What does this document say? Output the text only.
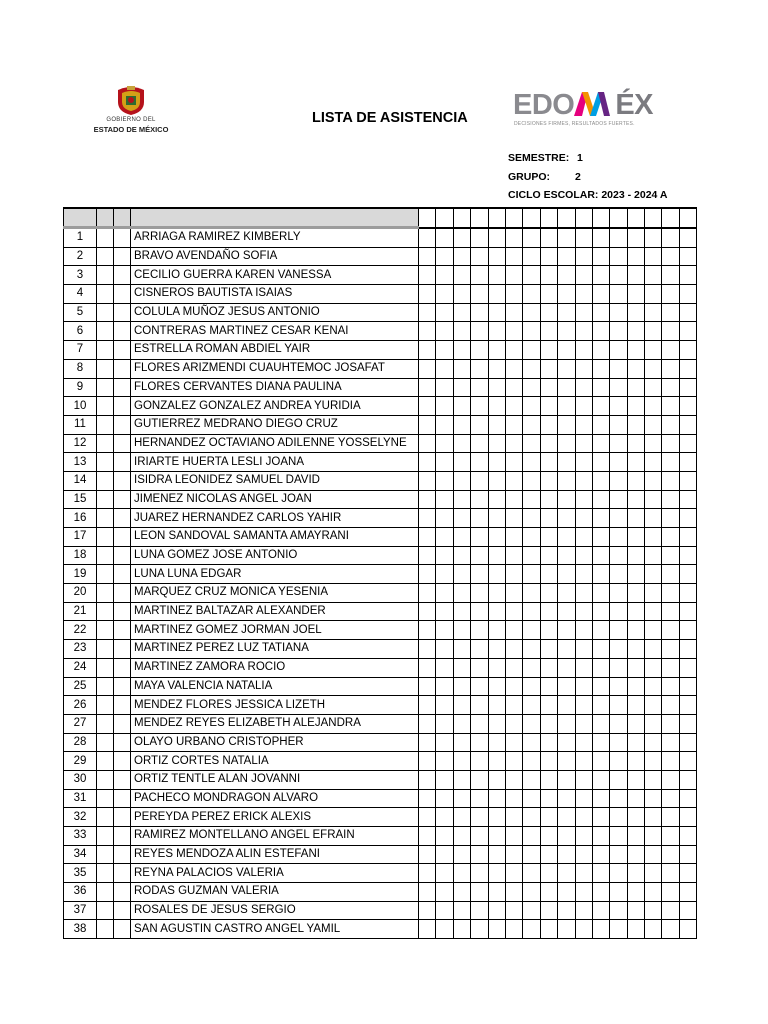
GOBIERNO DEL
ESTADO DE MÉXICO
LISTA DE ASISTENCIA EDO ÉX
DECISIONES FIRMES, RESULTADOS FUERTES.
SEMESTRE: 1
GRUPO: 2
CICLO ESCOLAR: 2023 - 2024 A

1			ARRIAGA RAMIREZ KIMBERLY																
2			BRAVO AVENDAÑO SOFIA																
3			CECILIO GUERRA KAREN VANESSA																
4			CISNEROS BAUTISTA ISAIAS																
5			COLULA MUÑOZ JESUS ANTONIO																
6			CONTRERAS MARTINEZ CESAR KENAI																
7			ESTRELLA ROMAN ABDIEL YAIR																
8			FLORES ARIZMENDI CUAUHTEMOC JOSAFAT																
9			FLORES CERVANTES DIANA PAULINA																
10			GONZALEZ GONZALEZ ANDREA YURIDIA																
11			GUTIERREZ MEDRANO DIEGO CRUZ																
12			HERNANDEZ OCTAVIANO ADILENNE YOSSELYNE																
13			IRIARTE HUERTA LESLI JOANA																
14			ISIDRA LEONIDEZ SAMUEL DAVID																
15			JIMENEZ NICOLAS ANGEL JOAN																
16			JUAREZ HERNANDEZ CARLOS YAHIR																
17			LEON SANDOVAL SAMANTA AMAYRANI																
18			LUNA GOMEZ JOSE ANTONIO																
19			LUNA LUNA EDGAR																
20			MARQUEZ CRUZ MONICA YESENIA																
21			MARTINEZ BALTAZAR ALEXANDER																
22			MARTINEZ GOMEZ JORMAN JOEL																
23			MARTINEZ PEREZ LUZ TATIANA																
24			MARTINEZ ZAMORA ROCIO																
25			MAYA VALENCIA NATALIA																
26			MENDEZ FLORES JESSICA LIZETH																
27			MENDEZ REYES ELIZABETH ALEJANDRA																
28			OLAYO URBANO CRISTOPHER																
29			ORTIZ CORTES NATALIA																
30			ORTIZ TENTLE ALAN JOVANNI																
31			PACHECO MONDRAGON ALVARO																
32			PEREYDA PEREZ ERICK ALEXIS																
33			RAMIREZ MONTELLANO ANGEL EFRAIN																
34			REYES MENDOZA ALIN ESTEFANI																
35			REYNA PALACIOS VALERIA																
36			RODAS GUZMAN VALERIA																
37			ROSALES DE JESUS SERGIO																
38			SAN AGUSTIN CASTRO ANGEL YAMIL																
